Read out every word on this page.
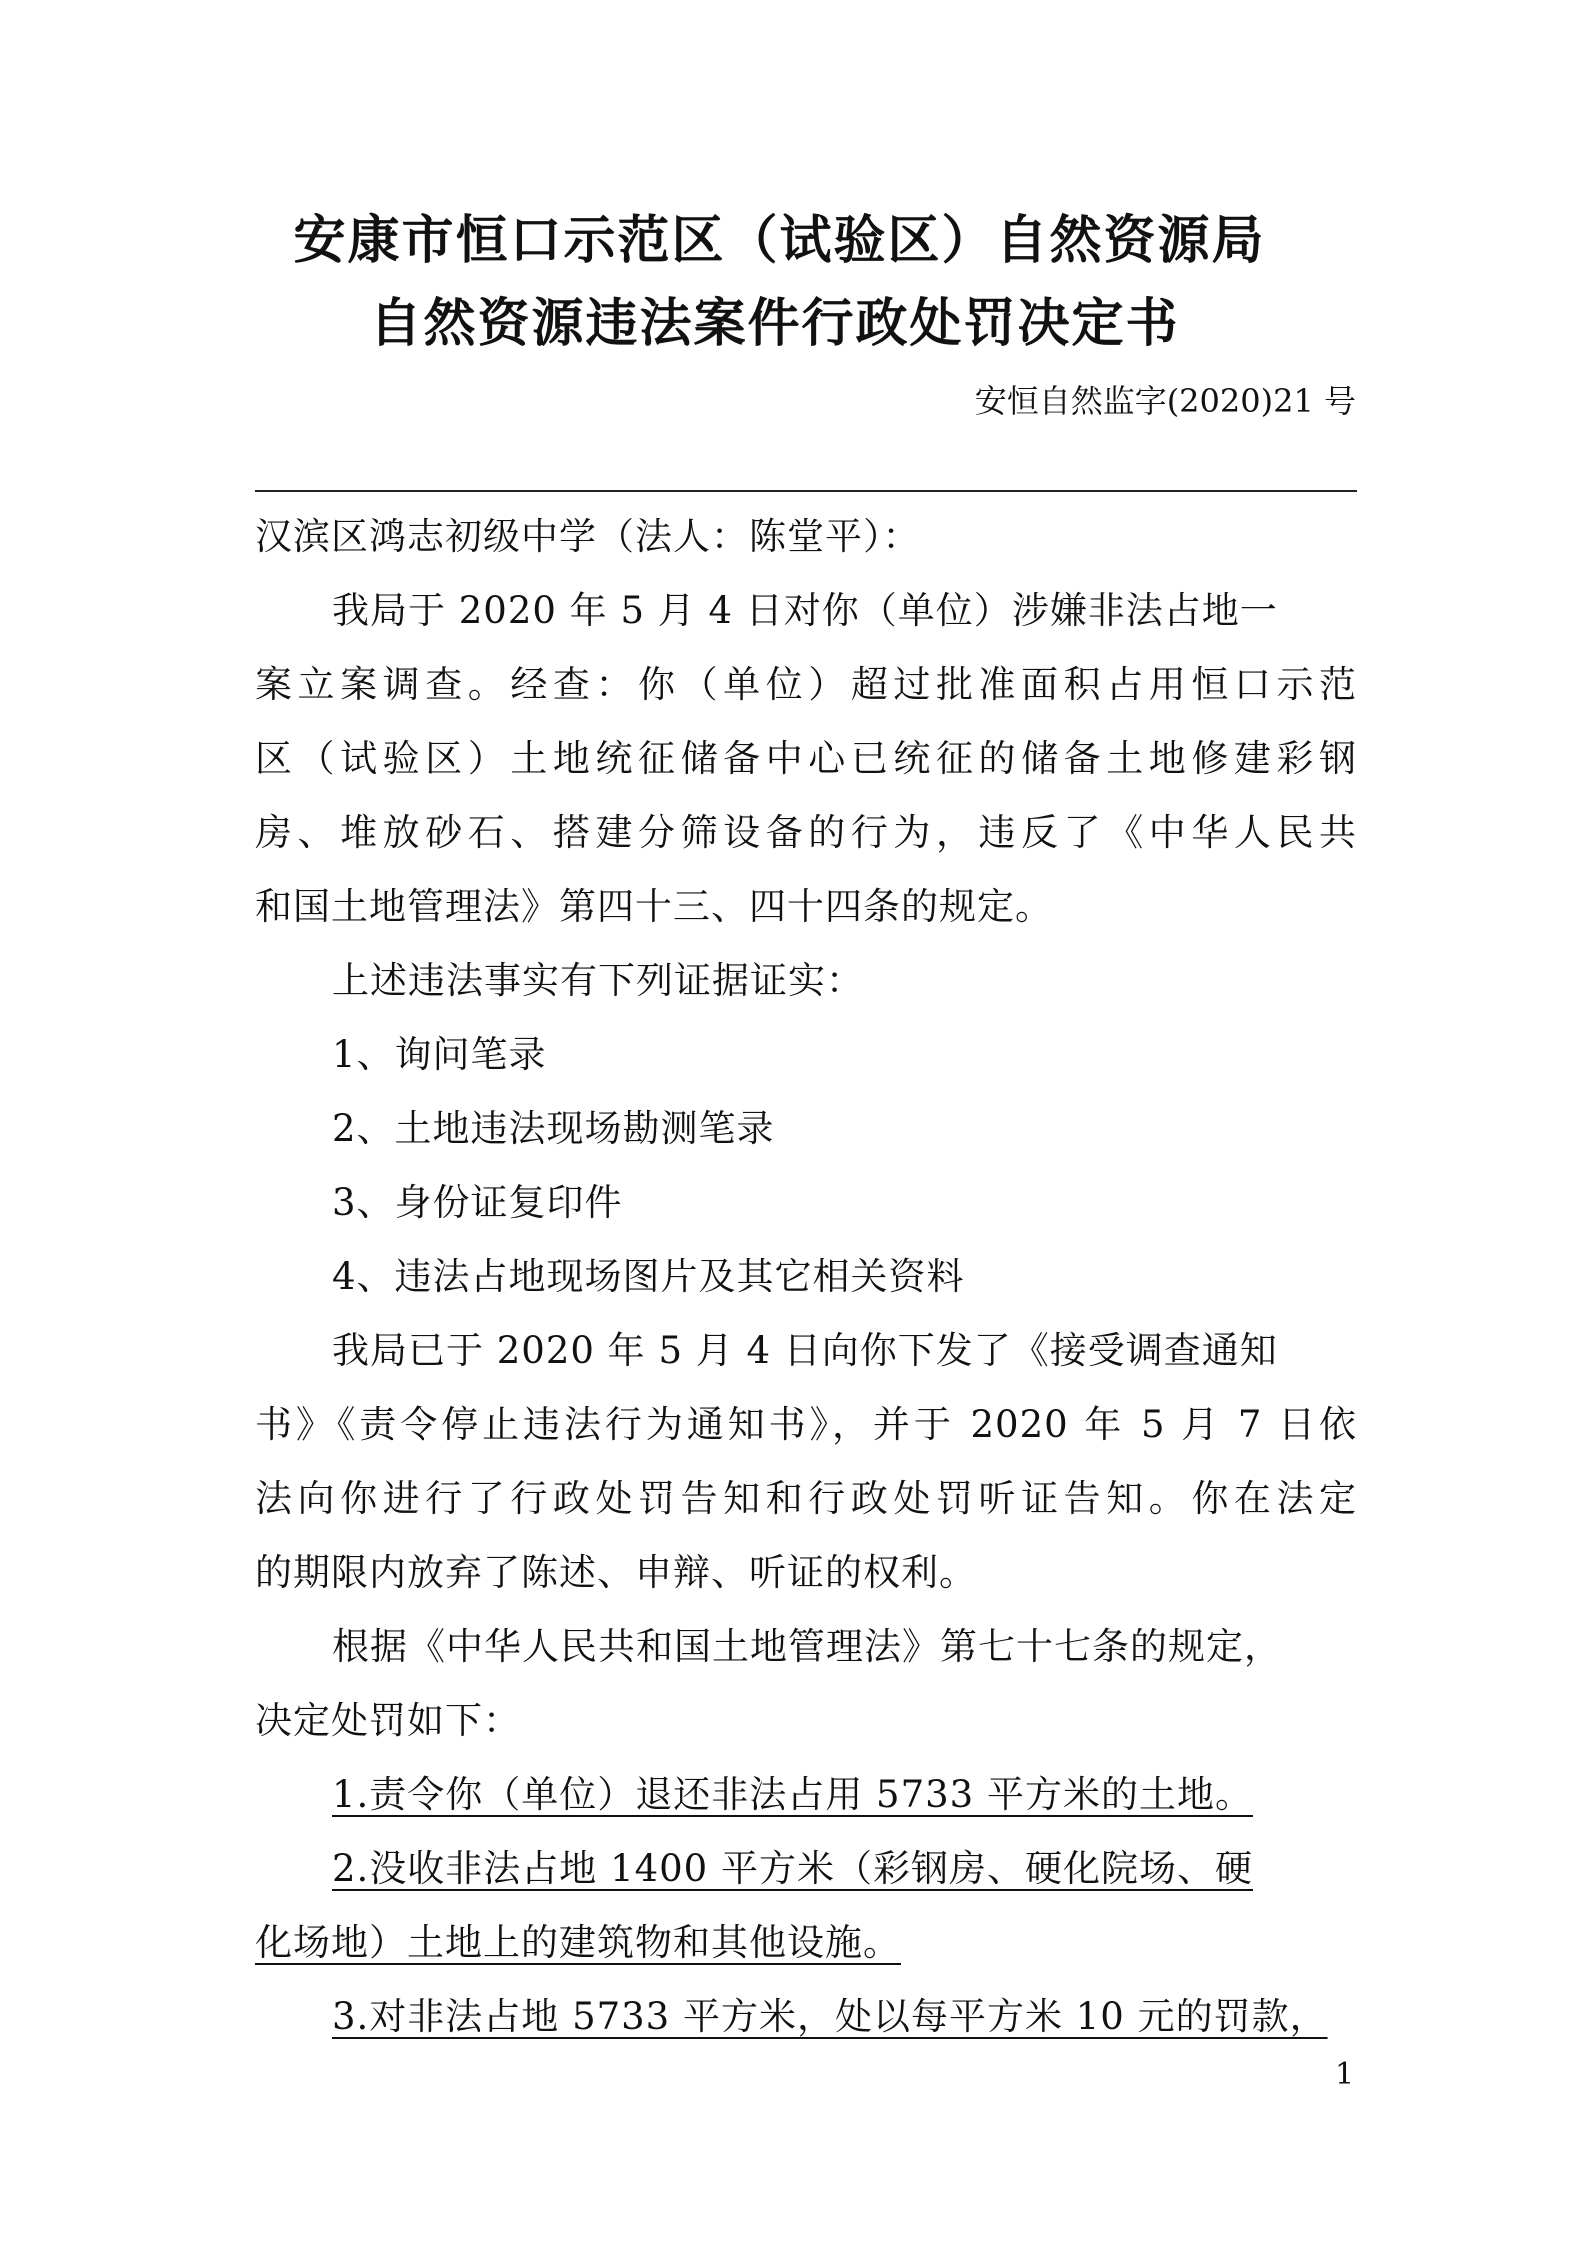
安康市恒口示范区（试验区）自然资源局
自然资源违法案件行政处罚决定书
安恒自然监字(2020)21 号
汉滨区鸿志初级中学（法人：陈堂平）：
我局于 2020 年 5 月 4 日对你（单位）涉嫌非法占地一
案立案调查。经查：你（单位）超过批准面积占用恒口示范
区（试验区）土地统征储备中心已统征的储备土地修建彩钢
房、堆放砂石、搭建分筛设备的行为，违反了《中华人民共
和国土地管理法》第四十三、四十四条的规定。
上述违法事实有下列证据证实：
1、询问笔录
2、土地违法现场勘测笔录
3、身份证复印件
4、违法占地现场图片及其它相关资料
我局已于 2020 年 5 月 4 日向你下发了《接受调查通知
书》《责令停止违法行为通知书》，并于 2020 年 5 月 7 日依
法向你进行了行政处罚告知和行政处罚听证告知。你在法定
的期限内放弃了陈述、申辩、听证的权利。
根据《中华人民共和国土地管理法》第七十七条的规定，
决定处罚如下：
1.责令你（单位）退还非法占用 5733 平方米的土地。
2.没收非法占地 1400 平方米（彩钢房、硬化院场、硬
化场地）土地上的建筑物和其他设施。
3.对非法占地 5733 平方米，处以每平方米 10 元的罚款，
1
